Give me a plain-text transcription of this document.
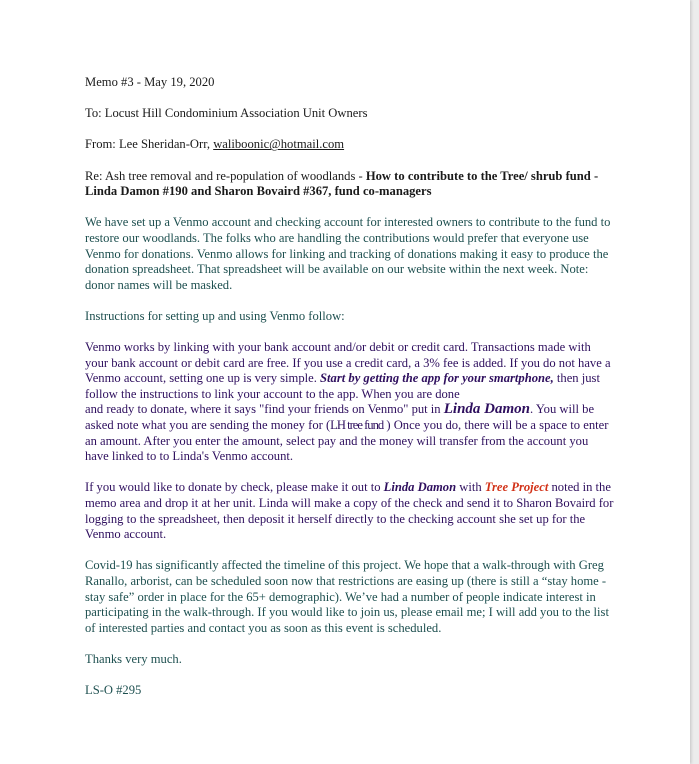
Memo #3 - May 19, 2020

To: Locust Hill Condominium Association Unit Owners

From: Lee Sheridan-Orr, waliboonic@hotmail.com

Re: Ash tree removal and re-population of woodlands - How to contribute to the Tree/ shrub fund - Linda Damon #190 and Sharon Bovaird #367, fund co-managers

We have set up a Venmo account and checking account for interested owners to contribute to the fund to restore our woodlands. The folks who are handling the contributions would prefer that everyone use Venmo for donations. Venmo allows for linking and tracking of donations making it easy to produce the donation spreadsheet. That spreadsheet will be available on our website within the next week. Note: donor names will be masked.

Instructions for setting up and using Venmo follow:

Venmo works by linking with your bank account and/or debit or credit card. Transactions made with your bank account or debit card are free. If you use a credit card, a 3% fee is added. If you do not have a Venmo account, setting one up is very simple. Start by getting the app for your smartphone, then just follow the instructions to link your account to the app. When you are done
and ready to donate, where it says "find your friends on Venmo" put in Linda Damon. You will be asked note what you are sending the money for (LH tree fund ) Once you do, there will be a space to enter an amount. After you enter the amount, select pay and the money will transfer from the account you have linked to to Linda's Venmo account.

If you would like to donate by check, please make it out to Linda Damon with Tree Project noted in the memo area and drop it at her unit. Linda will make a copy of the check and send it to Sharon Bovaird for logging to the spreadsheet, then deposit it herself directly to the checking account she set up for the Venmo account.

Covid-19 has significantly affected the timeline of this project. We hope that a walk-through with Greg Ranallo, arborist, can be scheduled soon now that restrictions are easing up (there is still a “stay home - stay safe” order in place for the 65+ demographic). We’ve had a number of people indicate interest in participating in the walk-through. If you would like to join us, please email me; I will add you to the list of interested parties and contact you as soon as this event is scheduled.

Thanks very much.

LS-O #295
